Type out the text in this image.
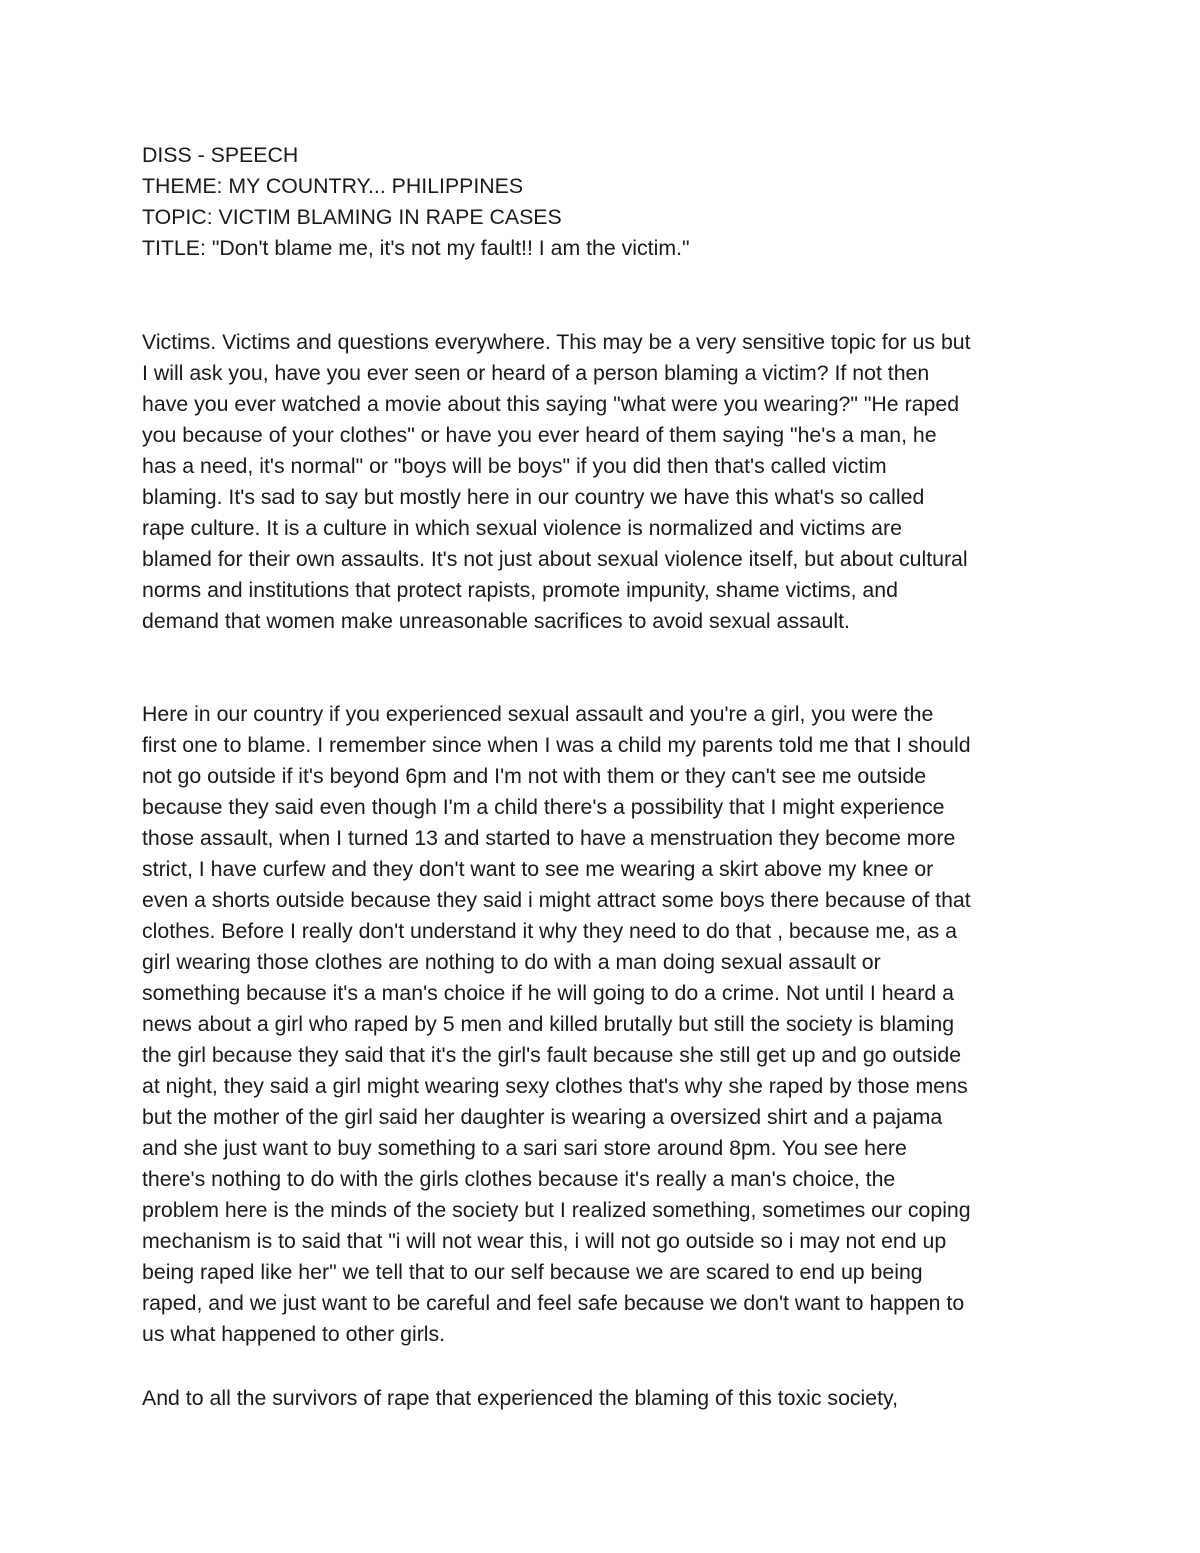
DISS - SPEECH
THEME: MY COUNTRY... PHILIPPINES
TOPIC: VICTIM BLAMING IN RAPE CASES
TITLE: "Don't blame me, it's not my fault!! I am the victim."
Victims. Victims and questions everywhere. This may be a very sensitive topic for us but
I will ask you, have you ever seen or heard of a person blaming a victim? If not then
have you ever watched a movie about this saying "what were you wearing?" "He raped
you because of your clothes" or have you ever heard of them saying "he's a man, he
has a need, it's normal" or "boys will be boys" if you did then that's called victim
blaming. It's sad to say but mostly here in our country we have this what's so called
rape culture. It is a culture in which sexual violence is normalized and victims are
blamed for their own assaults. It's not just about sexual violence itself, but about cultural
norms and institutions that protect rapists, promote impunity, shame victims, and
demand that women make unreasonable sacrifices to avoid sexual assault.
Here in our country if you experienced sexual assault and you're a girl, you were the
first one to blame. I remember since when I was a child my parents told me that I should
not go outside if it's beyond 6pm and I'm not with them or they can't see me outside
because they said even though I'm a child there's a possibility that I might experience
those assault, when I turned 13 and started to have a menstruation they become more
strict, I have curfew and they don't want to see me wearing a skirt above my knee or
even a shorts outside because they said i might attract some boys there because of that
clothes. Before I really don't understand it why they need to do that , because me, as a
girl wearing those clothes are nothing to do with a man doing sexual assault or
something because it's a man's choice if he will going to do a crime. Not until I heard a
news about a girl who raped by 5 men and killed brutally but still the society is blaming
the girl because they said that it's the girl's fault because she still get up and go outside
at night, they said a girl might wearing sexy clothes that's why she raped by those mens
but the mother of the girl said her daughter is wearing a oversized shirt and a pajama
and she just want to buy something to a sari sari store around 8pm. You see here
there's nothing to do with the girls clothes because it's really a man's choice, the
problem here is the minds of the society but I realized something, sometimes our coping
mechanism is to said that "i will not wear this, i will not go outside so i may not end up
being raped like her" we tell that to our self because we are scared to end up being
raped, and we just want to be careful and feel safe because we don't want to happen to
us what happened to other girls.
And to all the survivors of rape that experienced the blaming of this toxic society,
